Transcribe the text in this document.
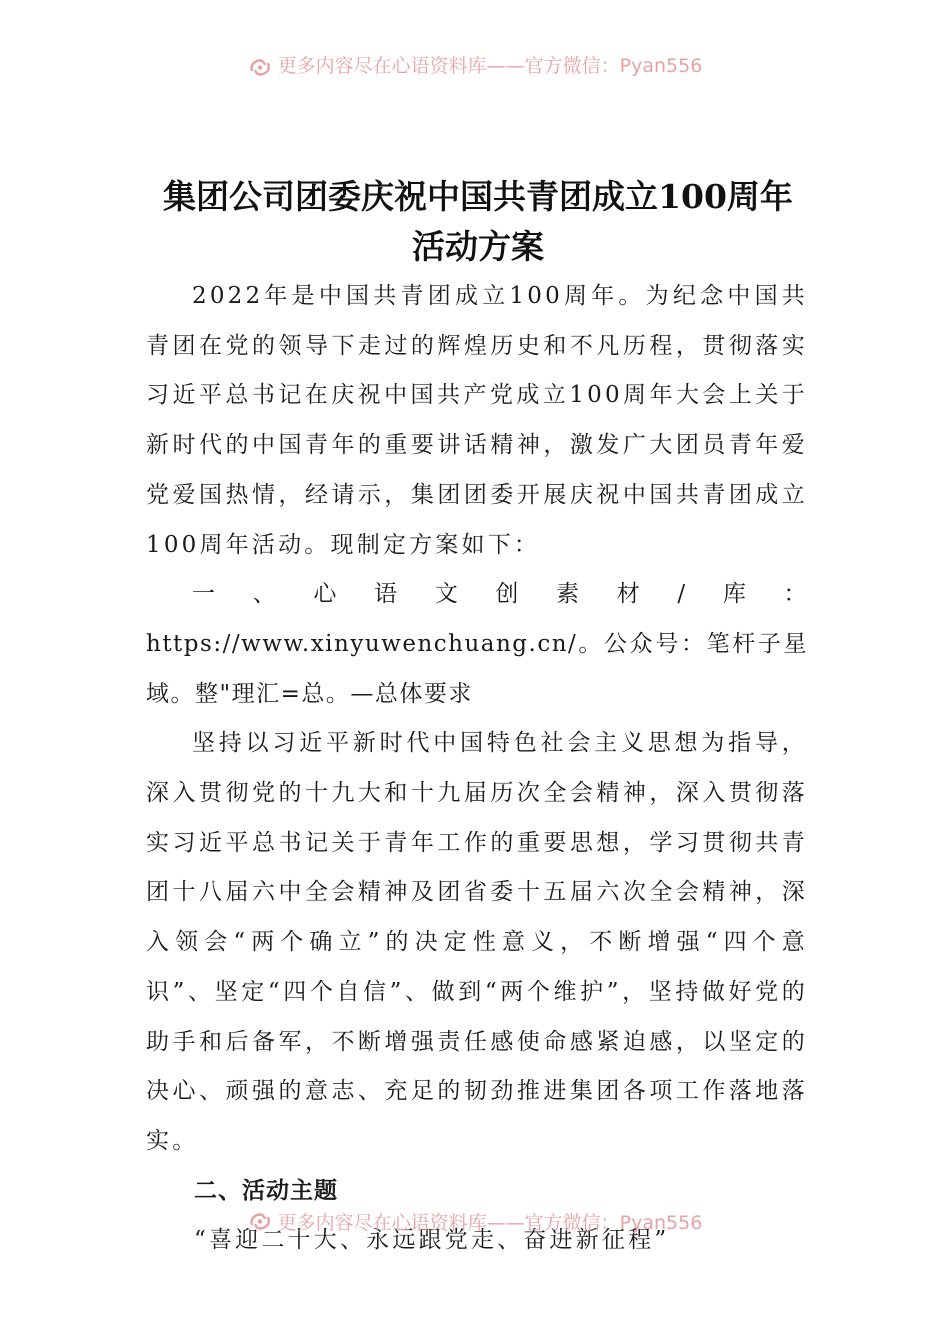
更多内容尽在心语资料库——官方微信：Pyan556
集团公司团委庆祝中国共青团成立100周年活动方案

2022年是中国共青团成立100周年。为纪念中国共青团在党的领导下走过的辉煌历史和不凡历程，贯彻落实习近平总书记在庆祝中国共产党成立100周年大会上关于新时代的中国青年的重要讲话精神，激发广大团员青年爱党爱国热情，经请示，集团团委开展庆祝中国共青团成立100周年活动。现制定方案如下：

一、心语文创素材/库：https://www.xinyuwenchuang.cn/。公众号：笔杆子星域。整"理汇=总。—总体要求

坚持以习近平新时代中国特色社会主义思想为指导，深入贯彻党的十九大和十九届历次全会精神，深入贯彻落实习近平总书记关于青年工作的重要思想，学习贯彻共青团十八届六中全会精神及团省委十五届六次全会精神，深入领会“两个确立”的决定性意义，不断增强“四个意识”、坚定“四个自信”、做到“两个维护”，坚持做好党的助手和后备军，不断增强责任感使命感紧迫感，以坚定的决心、顽强的意志、充足的韧劲推进集团各项工作落地落实。

二、活动主题

“喜迎二十大、永远跟党走、奋进新征程”

更多内容尽在心语资料库——官方微信：Pyan556
